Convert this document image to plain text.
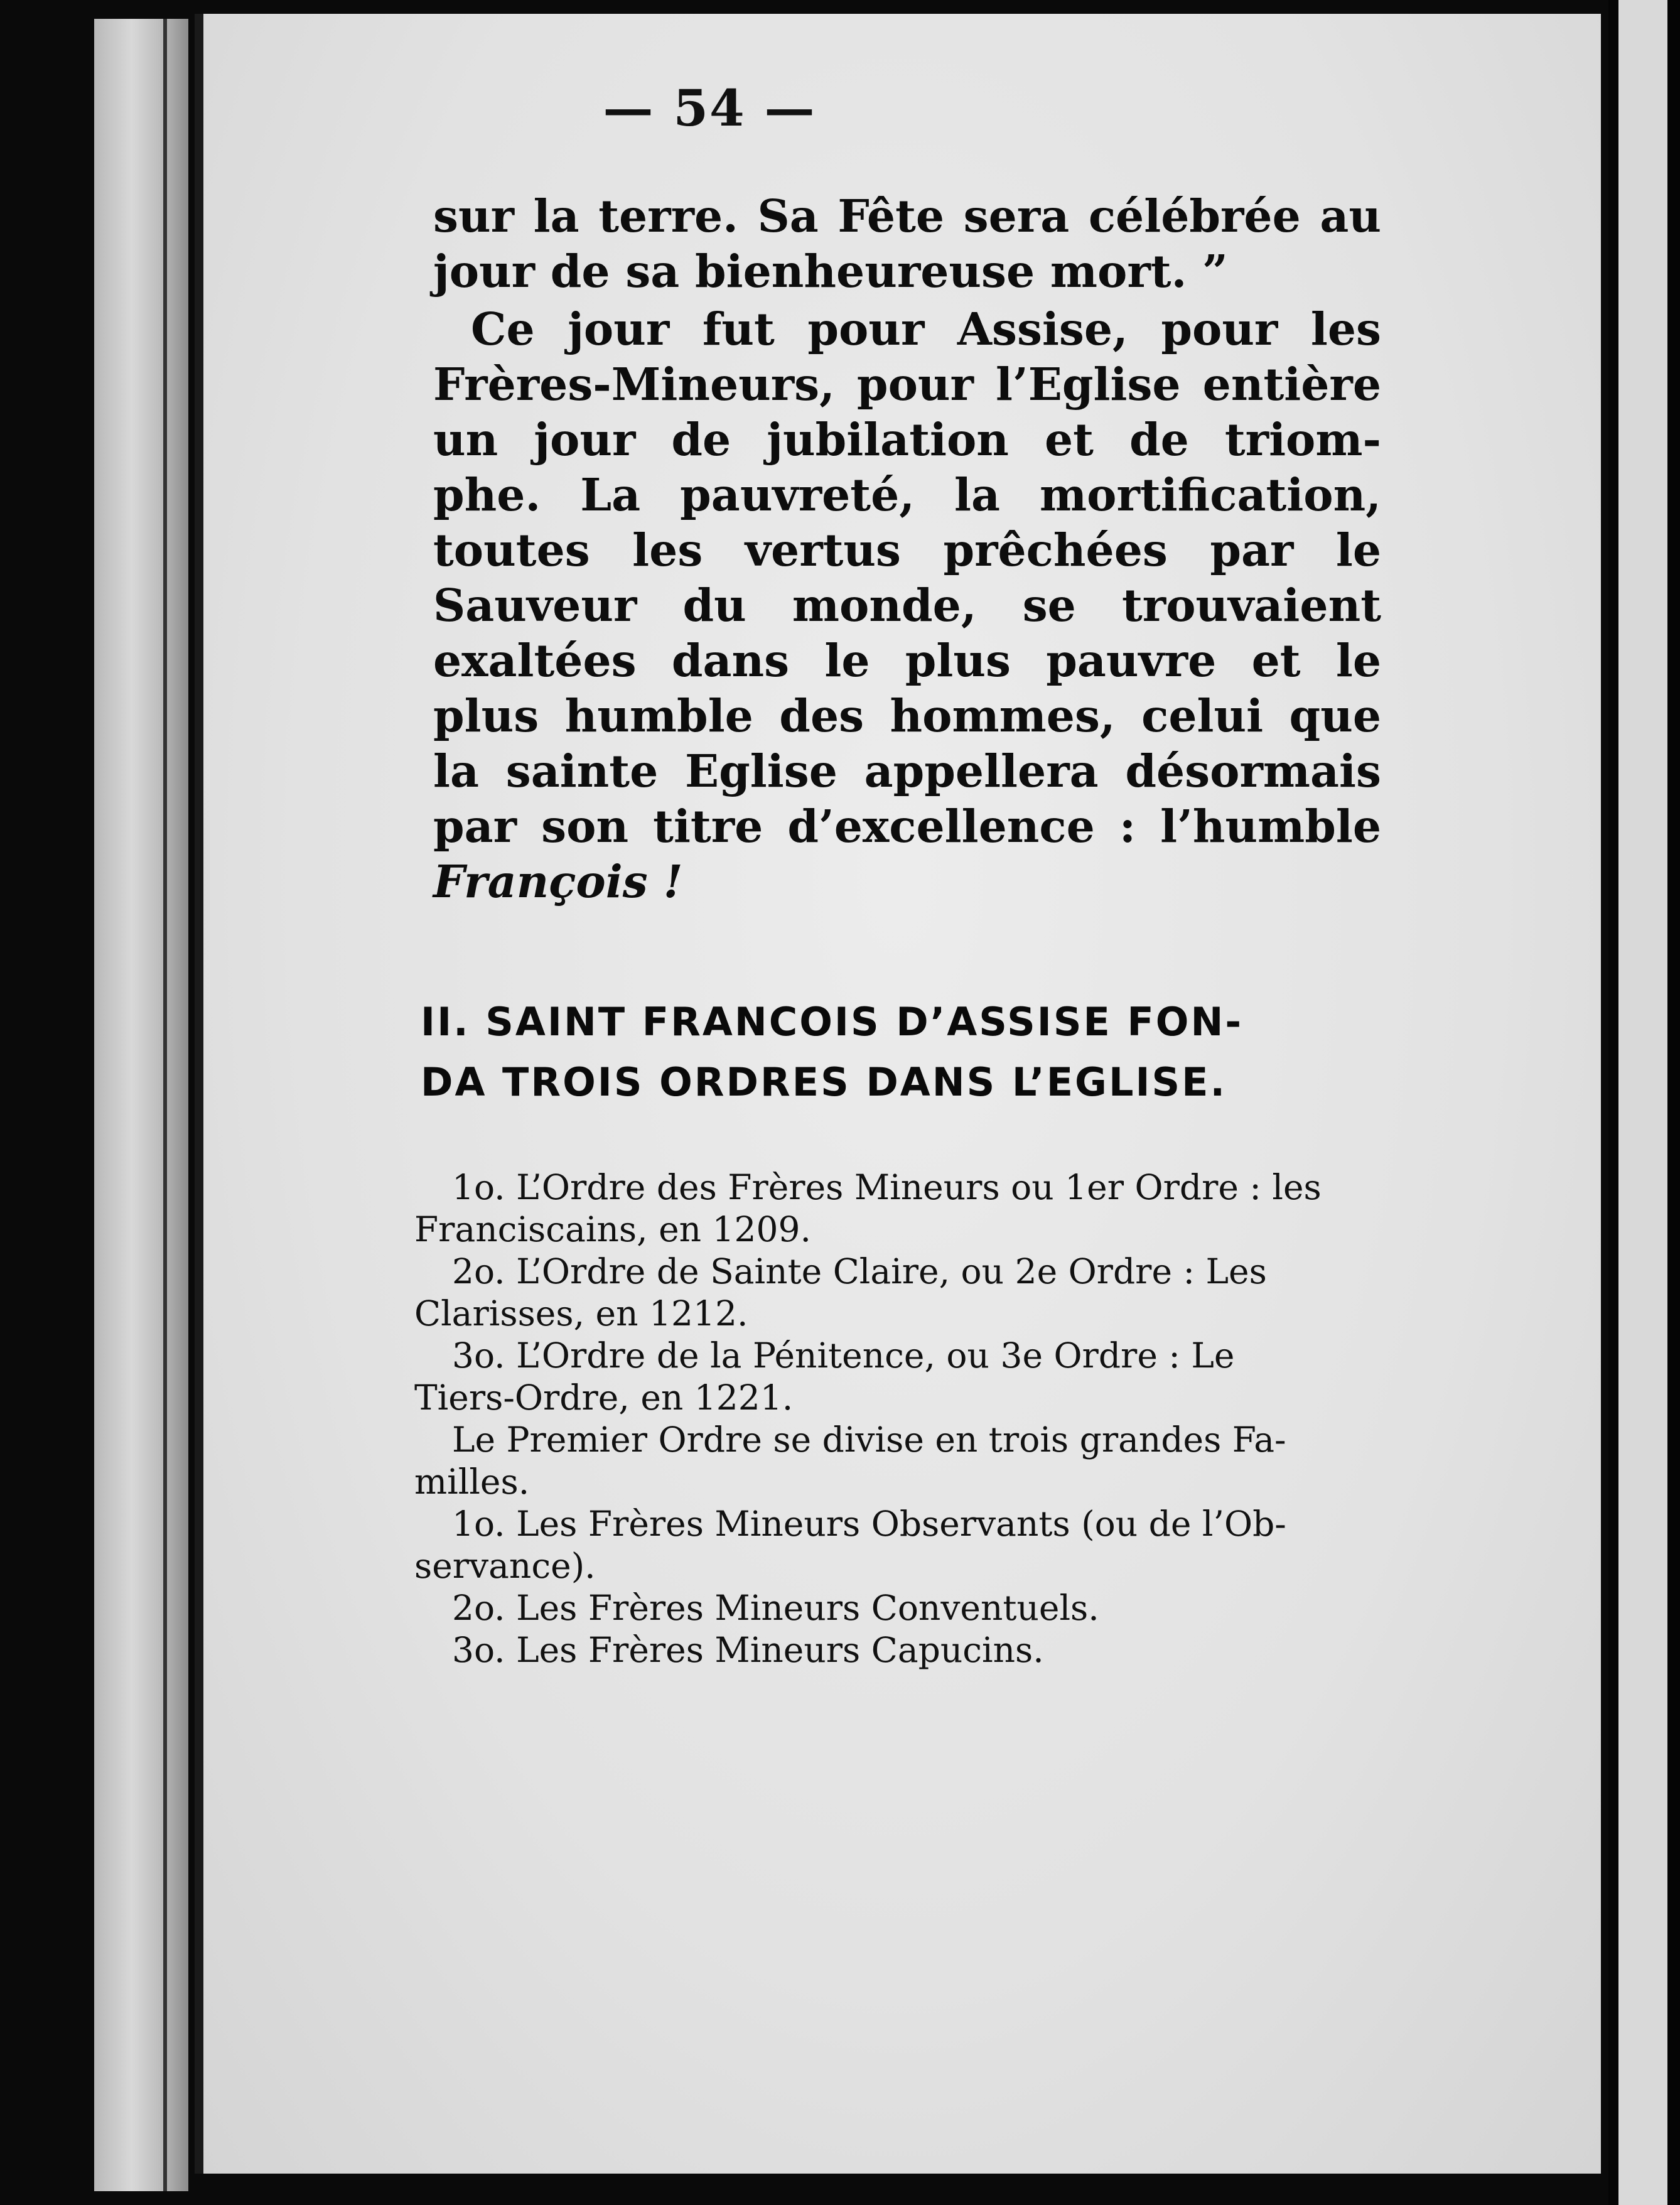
— 54 —
sur la terre. Sa Fête sera célébrée au
jour de sa bienheureuse mort. ”
Ce jour fut pour Assise, pour les
Frères-Mineurs, pour l’Eglise entière
un jour de jubilation et de triom-
phe. La pauvreté, la mortification,
toutes les vertus prêchées par le
Sauveur du monde, se trouvaient
exaltées dans le plus pauvre et le
plus humble des hommes, celui que
la sainte Eglise appellera désormais
par son titre d’excellence : l’humble
François !
II. SAINT FRANCOIS D’ASSISE FON-
DA TROIS ORDRES DANS L’EGLISE.
1o. L’Ordre des Frères Mineurs ou 1er Ordre : les
Franciscains, en 1209.
2o. L’Ordre de Sainte Claire, ou 2e Ordre : Les
Clarisses, en 1212.
3o. L’Ordre de la Pénitence, ou 3e Ordre : Le
Tiers-Ordre, en 1221.
Le Premier Ordre se divise en trois grandes Fa-
milles.
1o. Les Frères Mineurs Observants (ou de l’Ob-
servance).
2o. Les Frères Mineurs Conventuels.
3o. Les Frères Mineurs Capucins.
